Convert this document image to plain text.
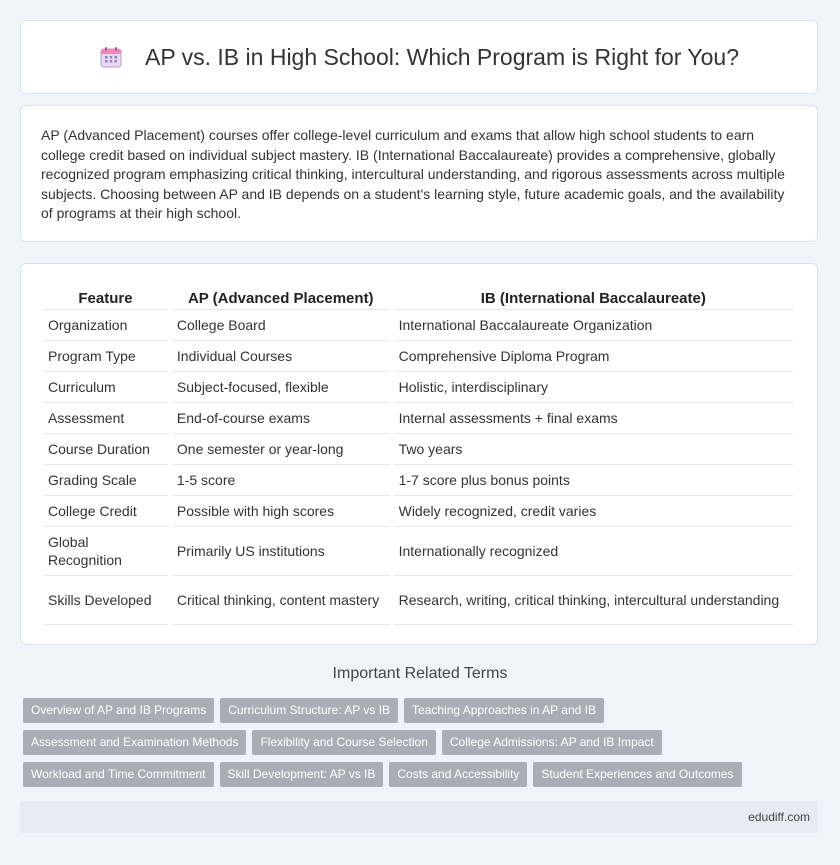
AP vs. IB in High School: Which Program is Right for You?

AP (Advanced Placement) courses offer college-level curriculum and exams that allow high school students to earn college credit based on individual subject mastery. IB (International Baccalaureate) provides a comprehensive, globally recognized program emphasizing critical thinking, intercultural understanding, and rigorous assessments across multiple subjects. Choosing between AP and IB depends on a student's learning style, future academic goals, and the availability of programs at their high school.

Feature	AP (Advanced Placement)	IB (International Baccalaureate)
Organization	College Board	International Baccalaureate Organization
Program Type	Individual Courses	Comprehensive Diploma Program
Curriculum	Subject-focused, flexible	Holistic, interdisciplinary
Assessment	End-of-course exams	Internal assessments + final exams
Course Duration	One semester or year-long	Two years
Grading Scale	1-5 score	1-7 score plus bonus points
College Credit	Possible with high scores	Widely recognized, credit varies
Global Recognition	Primarily US institutions	Internationally recognized
Skills Developed	Critical thinking, content mastery	Research, writing, critical thinking, intercultural understanding
Important Related Terms
Overview of AP and IB Programs	Curriculum Structure: AP vs IB	Teaching Approaches in AP and IB
Assessment and Examination Methods	Flexibility and Course Selection	College Admissions: AP and IB Impact
Workload and Time Commitment	Skill Development: AP vs IB	Costs and Accessibility	Student Experiences and Outcomes
edudiff.com
